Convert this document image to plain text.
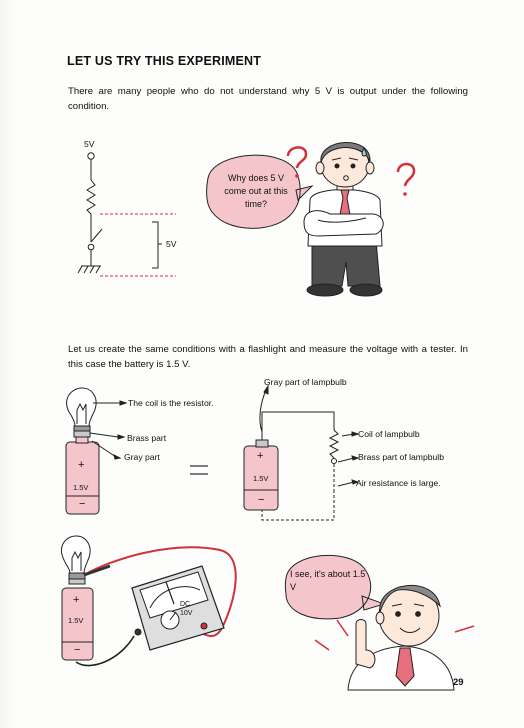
LET US TRY THIS EXPERIMENT
There are many people who do not understand why 5 V is output under the following condition.
5V
5V
Why does 5 V come out at this time?
Let us create the same conditions with a flashlight and measure the voltage with a tester. In this case the battery is 1.5 V.
The coil is the resistor.
Brass part
Gray part
1.5V
+
−
Gray part of lampbulb
Coil of lampbulb
Brass part of lampbulb
Air resistance is large.
1.5V
+
−
DC
10V
1.5V
+
−
I see, it's about 1.5 V
29
